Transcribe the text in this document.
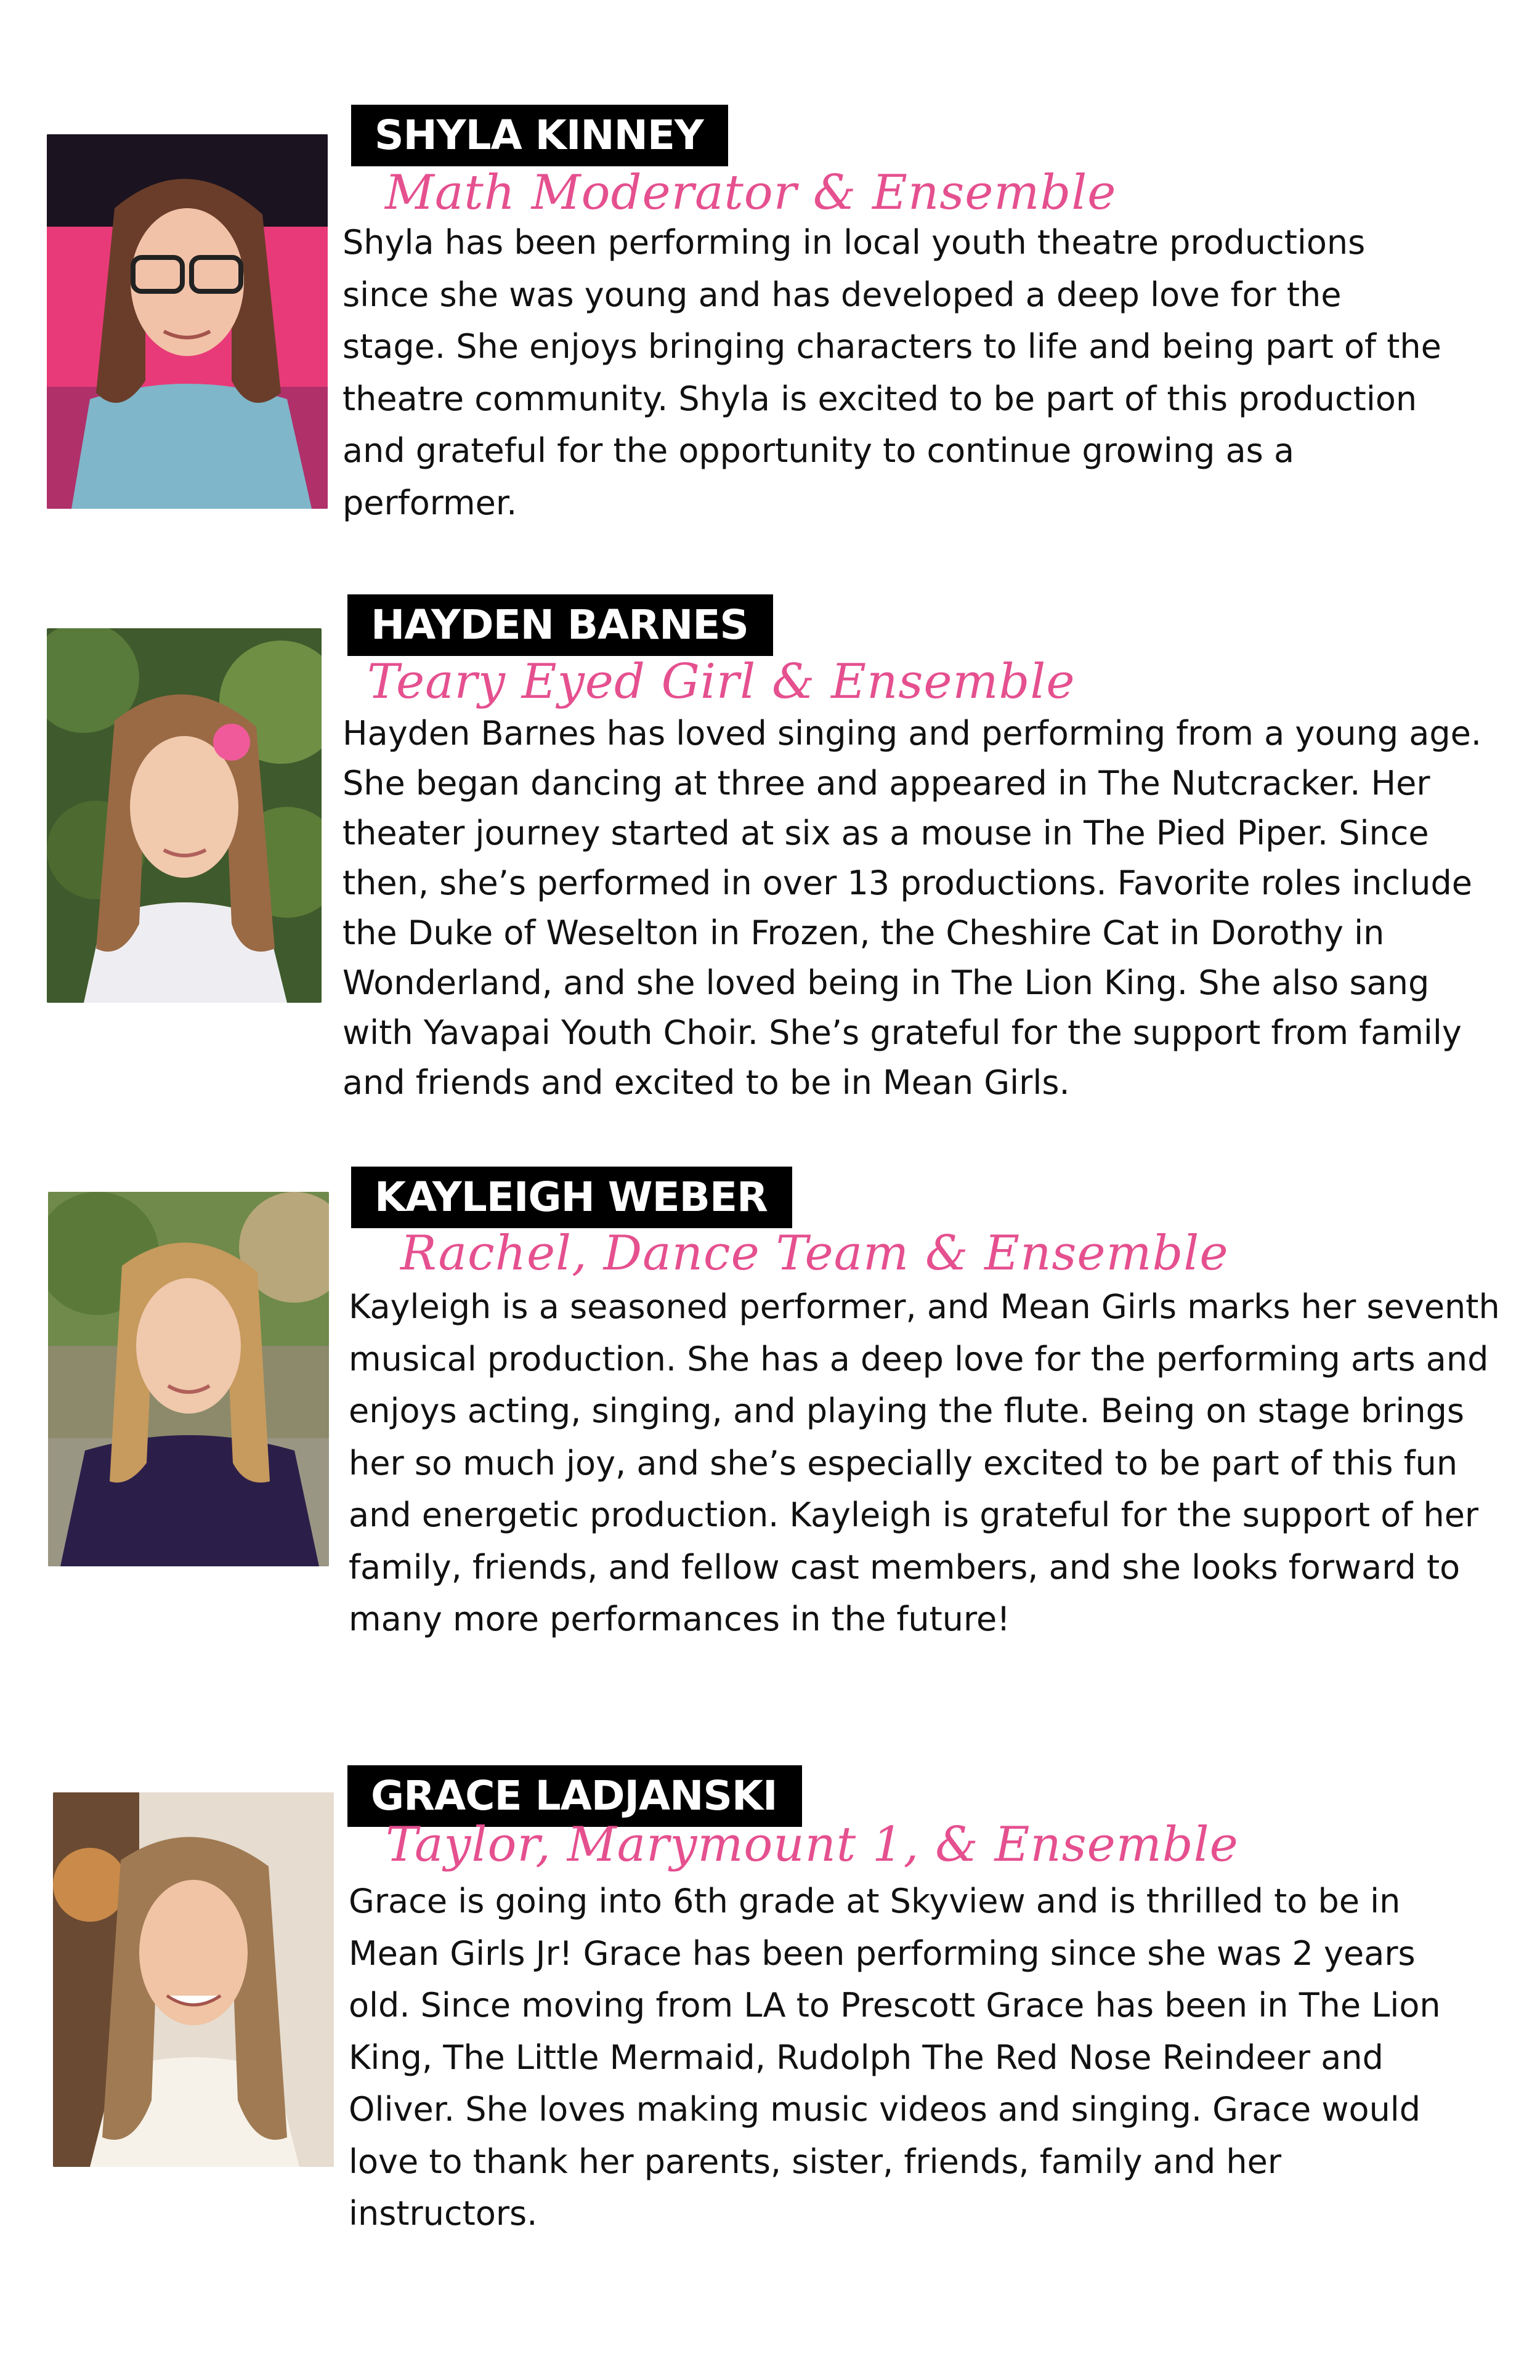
SHYLA KINNEY
Math Moderator & Ensemble
Shyla has been performing in local youth theatre productions since she was young and has developed a deep love for the stage. She enjoys bringing characters to life and being part of the theatre community. Shyla is excited to be part of this production and grateful for the opportunity to continue growing as a performer.
HAYDEN BARNES
Teary Eyed Girl & Ensemble
Hayden Barnes has loved singing and performing from a young age. She began dancing at three and appeared in The Nutcracker. Her theater journey started at six as a mouse in The Pied Piper. Since then, she’s performed in over 13 productions. Favorite roles include the Duke of Weselton in Frozen, the Cheshire Cat in Dorothy in Wonderland, and she loved being in The Lion King. She also sang with Yavapai Youth Choir. She’s grateful for the support from family and friends and excited to be in Mean Girls.
KAYLEIGH WEBER
Rachel, Dance Team & Ensemble
Kayleigh is a seasoned performer, and Mean Girls marks her seventh musical production. She has a deep love for the performing arts and enjoys acting, singing, and playing the flute. Being on stage brings her so much joy, and she’s especially excited to be part of this fun and energetic production. Kayleigh is grateful for the support of her family, friends, and fellow cast members, and she looks forward to many more performances in the future!
GRACE LADJANSKI
Taylor, Marymount 1, & Ensemble
Grace is going into 6th grade at Skyview and is thrilled to be in Mean Girls Jr! Grace has been performing since she was 2 years old. Since moving from LA to Prescott Grace has been in The Lion King, The Little Mermaid, Rudolph The Red Nose Reindeer and Oliver. She loves making music videos and singing. Grace would love to thank her parents, sister, friends, family and her instructors.
